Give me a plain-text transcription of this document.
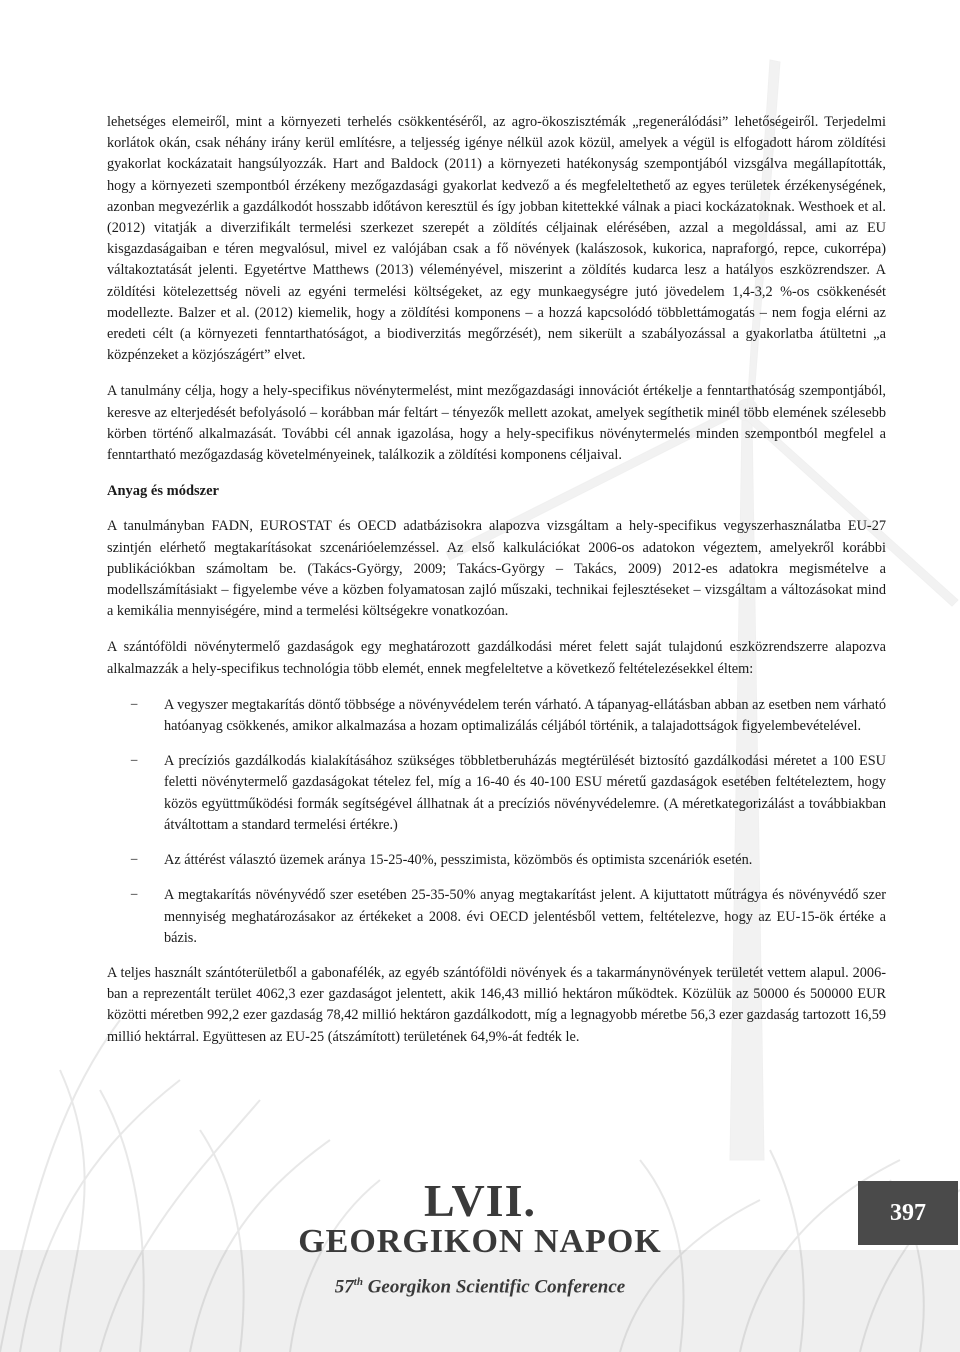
lehetséges elemeiről, mint a környezeti terhelés csökkentéséről, az agro-ökoszisztémák „regenerálódási” lehetőségeiről. Terjedelmi korlátok okán, csak néhány irány kerül említésre, a teljesség igénye nélkül azok közül, amelyek a végül is elfogadott három zöldítési gyakorlat kockázatait hangsúlyozzák. Hart and Baldock (2011) a környezeti hatékonyság szempontjából vizsgálva megállapították, hogy a környezeti szempontból érzékeny mezőgazdasági gyakorlat kedvező a és megfeleltethető az egyes területek érzékenységének, azonban megvezérlik a gazdálkodót hosszabb időtávon keresztül és így jobban kitettekké válnak a piaci kockázatoknak. Westhoek et al. (2012) vitatják a diverzifikált termelési szerkezet szerepét a zöldítés céljainak elérésében, azzal a megoldással, ami az EU kisgazdaságaiban e téren megvalósul, mivel ez valójában csak a fő növények (kalászosok, kukorica, napraforgó, repce, cukorrépa) váltakoztatását jelenti. Egyetértve Matthews (2013) véleményével, miszerint a zöldítés kudarca lesz a hatályos eszközrendszer. A zöldítési kötelezettség növeli az egyéni termelési költségeket, az egy munkaegységre jutó jövedelem 1,4-3,2 %-os csökkenését modellezte. Balzer et al. (2012) kiemelik, hogy a zöldítési komponens – a hozzá kapcsolódó többlettámogatás – nem fogja elérni az eredeti célt (a környezeti fenntarthatóságot, a biodiverzitás megőrzését), nem sikerült a szabályozással a gyakorlatba átültetni „a közpénzeket a közjószágért” elvet.

A tanulmány célja, hogy a hely-specifikus növénytermelést, mint mezőgazdasági innovációt értékelje a fenntarthatóság szempontjából, keresve az elterjedését befolyásoló – korábban már feltárt – tényezők mellett azokat, amelyek segíthetik minél több elemének szélesebb körben történő alkalmazását. További cél annak igazolása, hogy a hely-specifikus növénytermelés minden szempontból megfelel a fenntartható mezőgazdaság követelményeinek, találkozik a zöldítési komponens céljaival.

Anyag és módszer

A tanulmányban FADN, EUROSTAT és OECD adatbázisokra alapozva vizsgáltam a hely-specifikus vegyszerhasználatba EU-27 szintjén elérhető megtakarításokat szcenárióelemzéssel. Az első kalkulációkat 2006-os adatokon végeztem, amelyekről korábbi publikációkban számoltam be. (Takács-György, 2009; Takács-György – Takács, 2009) 2012-es adatokra megismételve a modellszámításiakt – figyelembe véve a közben folyamatosan zajló műszaki, technikai fejlesztéseket – vizsgáltam a változásokat mind a kemikália mennyiségére, mind a termelési költségekre vonatkozóan.

A szántóföldi növénytermelő gazdaságok egy meghatározott gazdálkodási méret felett saját tulajdonú eszközrendszerre alapozva alkalmazzák a hely-specifikus technológia több elemét, ennek megfeleltetve a következő feltételezésekkel éltem:

− A vegyszer megtakarítás döntő többsége a növényvédelem terén várható. A tápanyag-ellátásban abban az esetben nem várható hatóanyag csökkenés, amikor alkalmazása a hozam optimalizálás céljából történik, a talajadottságok figyelembevételével.
− A precíziós gazdálkodás kialakításához szükséges többletberuházás megtérülését biztosító gazdálkodási méretet a 100 ESU feletti növénytermelő gazdaságokat tételez fel, míg a 16-40 és 40-100 ESU méretű gazdaságok esetében feltételeztem, hogy közös együttműködési formák segítségével állhatnak át a precíziós növényvédelemre. (A méretkategorizálást a továbbiakban átváltottam a standard termelési értékre.)
− Az áttérést választó üzemek aránya 15-25-40%, pesszimista, közömbös és optimista szcenáriók esetén.
− A megtakarítás növényvédő szer esetében 25-35-50% anyag megtakarítást jelent. A kijuttatott műtrágya és növényvédő szer mennyiség meghatározásakor az értékeket a 2008. évi OECD jelentésből vettem, feltételezve, hogy az EU-15-ök értéke a bázis.

A teljes használt szántóterületből a gabonafélék, az egyéb szántóföldi növények és a takarmánynövények területét vettem alapul. 2006-ban a reprezentált terület 4062,3 ezer gazdaságot jelentett, akik 146,43 millió hektáron működtek. Közülük az 50000 és 500000 EUR közötti méretben 992,2 ezer gazdaság 78,42 millió hektáron gazdálkodott, míg a legnagyobb méretbe 56,3 ezer gazdaság tartozott 16,59 millió hektárral. Együttesen az EU-25 (átszámított) területének 64,9%-át fedték le.

LVII.
GEORGIKON NAPOK
57th Georgikon Scientific Conference
397
